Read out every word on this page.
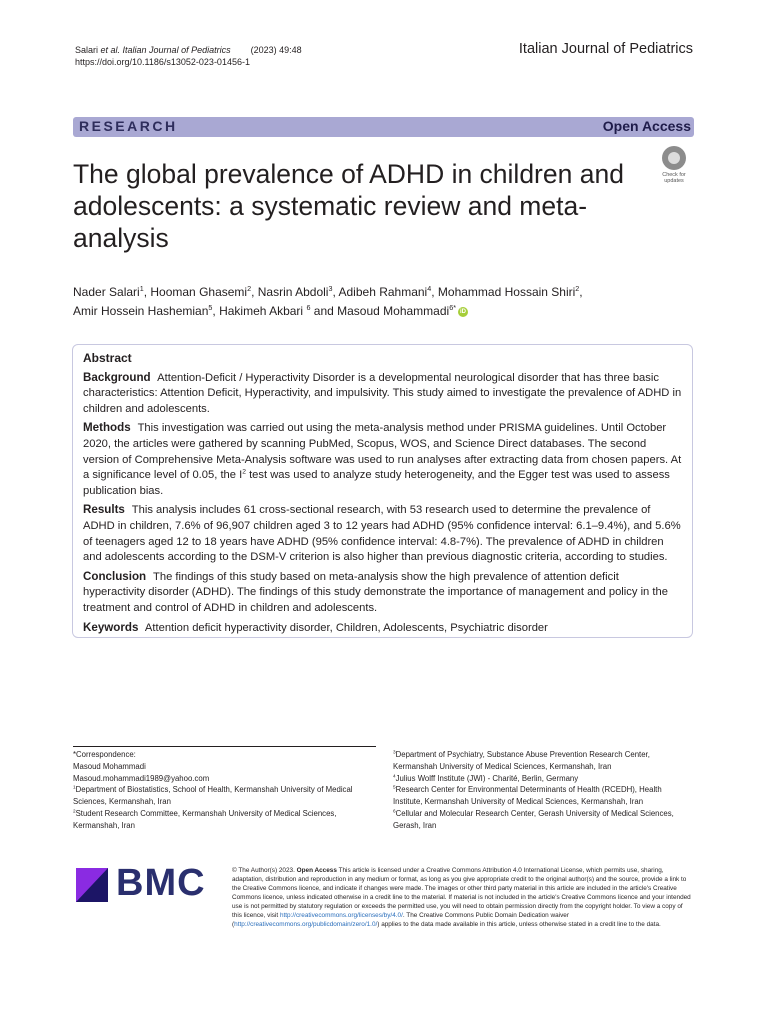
Salari et al. Italian Journal of Pediatrics (2023) 49:48
https://doi.org/10.1186/s13052-023-01456-1
Italian Journal of Pediatrics
RESEARCH	Open Access
The global prevalence of ADHD in children and adolescents: a systematic review and meta-analysis
Check for
updates
Nader Salari$^1$, Hooman Ghasemi$^2$, Nasrin Abdoli$^3$, Adibeh Rahmani$^4$, Mohammad Hossain Shiri$^2$,
Amir Hossein Hashemian$^5$, Hakimeh Akbari $^6$ and Masoud Mohammadi$^{6*}$ iD
Abstract
Background Attention-Deficit / Hyperactivity Disorder is a developmental neurological disorder that has three basic characteristics: Attention Deficit, Hyperactivity, and impulsivity. This study aimed to investigate the prevalence of ADHD in children and adolescents.
Methods This investigation was carried out using the meta-analysis method under PRISMA guidelines. Until October 2020, the articles were gathered by scanning PubMed, Scopus, WOS, and Science Direct databases. The second version of Comprehensive Meta-Analysis software was used to run analyses after extracting data from chosen papers. At a significance level of 0.05, the $I^2$ test was used to analyze study heterogeneity, and the Egger test was used to assess publication bias.
Results This analysis includes 61 cross-sectional research, with 53 research used to determine the prevalence of ADHD in children, 7.6% of 96,907 children aged 3 to 12 years had ADHD (95% confidence interval: 6.1–9.4%), and 5.6% of teenagers aged 12 to 18 years have ADHD (95% confidence interval: 4.8-7%). The prevalence of ADHD in children and adolescents according to the DSM-V criterion is also higher than previous diagnostic criteria, according to studies.
Conclusion The findings of this study based on meta-analysis show the high prevalence of attention deficit hyperactivity disorder (ADHD). The findings of this study demonstrate the importance of management and policy in the treatment and control of ADHD in children and adolescents.
Keywords Attention deficit hyperactivity disorder, Children, Adolescents, Psychiatric disorder
*Correspondence:
Masoud Mohammadi
Masoud.mohammadi1989@yahoo.com
$^1$Department of Biostatistics, School of Health, Kermanshah University of Medical Sciences, Kermanshah, Iran
$^2$Student Research Committee, Kermanshah University of Medical Sciences, Kermanshah, Iran
$^3$Department of Psychiatry, Substance Abuse Prevention Research Center, Kermanshah University of Medical Sciences, Kermanshah, Iran
$^4$Julius Wolff Institute (JWI) - Charité, Berlin, Germany
$^5$Research Center for Environmental Determinants of Health (RCEDH), Health Institute, Kermanshah University of Medical Sciences, Kermanshah, Iran
$^6$Cellular and Molecular Research Center, Gerash University of Medical Sciences, Gerash, Iran
BMC	© The Author(s) 2023. Open Access This article is licensed under a Creative Commons Attribution 4.0 International License, which permits use, sharing, adaptation, distribution and reproduction in any medium or format, as long as you give appropriate credit to the original author(s) and the source, provide a link to the Creative Commons licence, and indicate if changes were made. The images or other third party material in this article are included in the article's Creative Commons licence, unless indicated otherwise in a credit line to the material. If material is not included in the article's Creative Commons licence and your intended use is not permitted by statutory regulation or exceeds the permitted use, you will need to obtain permission directly from the copyright holder. To view a copy of this licence, visit http://creativecommons.org/licenses/by/4.0/. The Creative Commons Public Domain Dedication waiver (http://creativecommons.org/publicdomain/zero/1.0/) applies to the data made available in this article, unless otherwise stated in a credit line to the data.
